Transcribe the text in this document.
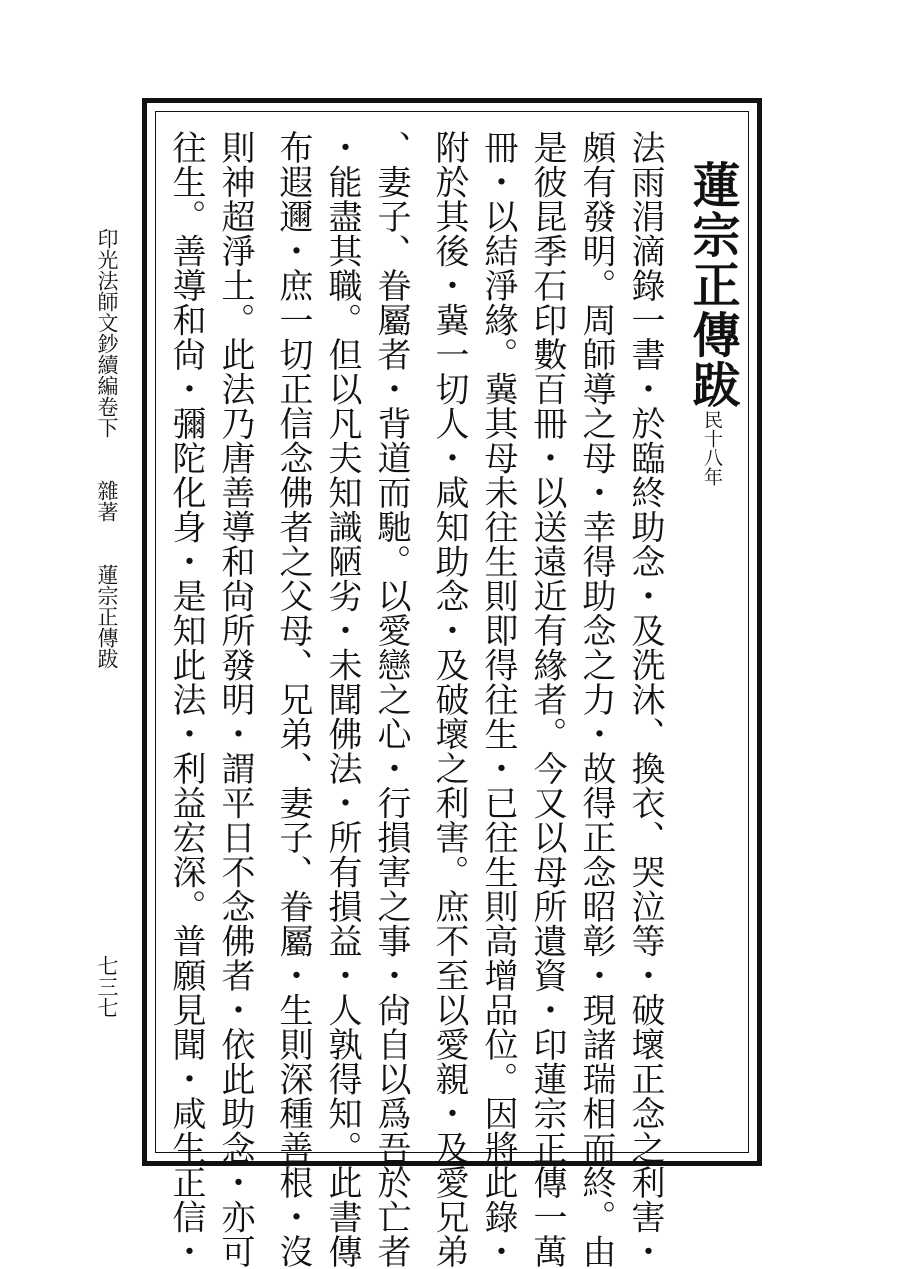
蓮宗正傳跋
民十八年
法雨涓滴錄一書・於臨終助念・及洗沐、換衣、哭泣等・破壞正念之利害・
頗有發明。周師導之母・幸得助念之力・故得正念昭彰・現諸瑞相而終。由
是彼昆季石印數百冊・以送遠近有緣者。今又以母所遺資・印蓮宗正傳一萬
冊・以結淨緣。冀其母未往生則即得往生・已往生則高增品位。因將此錄・
附於其後・冀一切人・咸知助念・及破壞之利害。庶不至以愛親・及愛兄弟
、妻子、眷屬者・背道而馳。以愛戀之心・行損害之事・尙自以爲吾於亡者
・能盡其職。但以凡夫知識陋劣・未聞佛法・所有損益・人孰得知。此書傳
布遐邇・庶一切正信念佛者之父母、兄弟、妻子、眷屬・生則深種善根・沒
則神超淨土。此法乃唐善導和尙所發明・謂平日不念佛者・依此助念・亦可
往生。善導和尙・彌陀化身・是知此法・利益宏深。普願見聞・咸生正信・
印光法師文鈔續編卷下 雜著 蓮宗正傳跋
七三七
